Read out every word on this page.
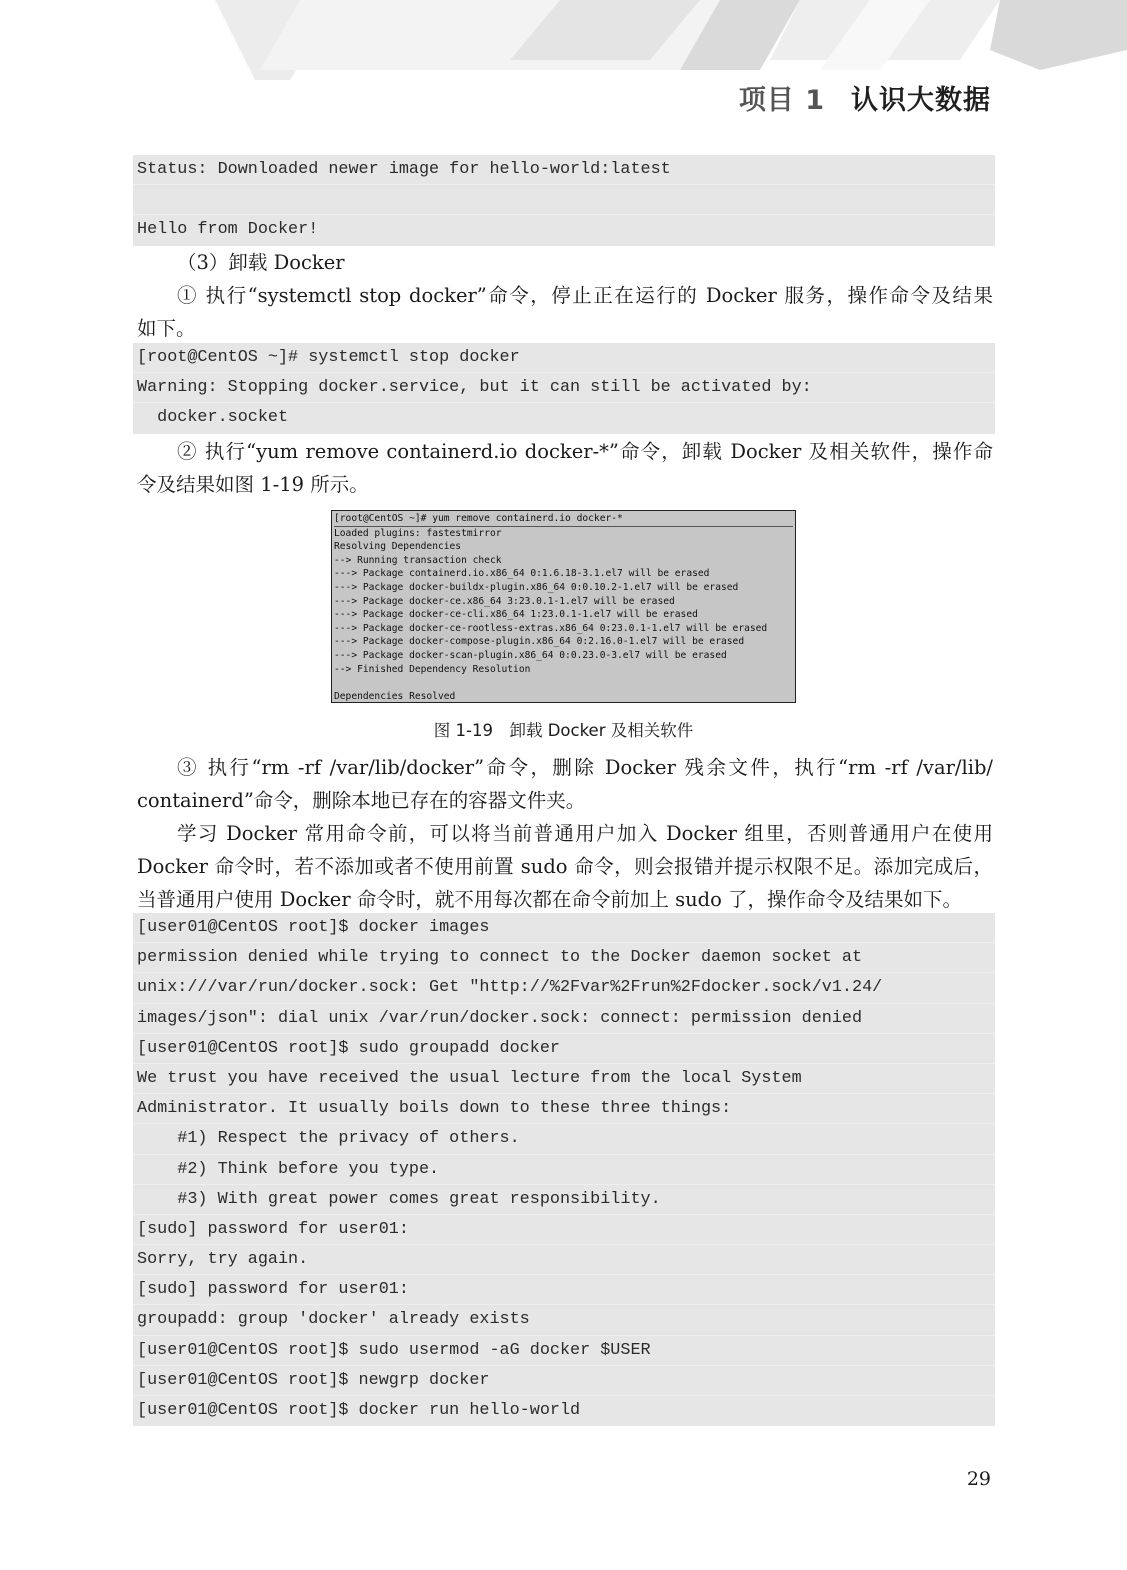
项目 1 认识大数据
Status: Downloaded newer image for hello-world:latest
Hello from Docker!
（3）卸载 Docker
① 执行“systemctl stop docker”命令，停止正在运行的 Docker 服务，操作命令及结果
如下。
[root@CentOS ~]# systemctl stop docker
Warning: Stopping docker.service, but it can still be activated by:
docker.socket
② 执行“yum remove containerd.io docker-*”命令，卸载 Docker 及相关软件，操作命
令及结果如图 1-19 所示。
[root@CentOS ~]# yum remove containerd.io docker-*
Loaded plugins: fastestmirror
Resolving Dependencies
--> Running transaction check
---> Package containerd.io.x86_64 0:1.6.18-3.1.el7 will be erased
---> Package docker-buildx-plugin.x86_64 0:0.10.2-1.el7 will be erased
---> Package docker-ce.x86_64 3:23.0.1-1.el7 will be erased
---> Package docker-ce-cli.x86_64 1:23.0.1-1.el7 will be erased
---> Package docker-ce-rootless-extras.x86_64 0:23.0.1-1.el7 will be erased
---> Package docker-compose-plugin.x86_64 0:2.16.0-1.el7 will be erased
---> Package docker-scan-plugin.x86_64 0:0.23.0-3.el7 will be erased
--> Finished Dependency Resolution
Dependencies Resolved
图 1-19　卸载 Docker 及相关软件
③ 执行“rm -rf /var/lib/docker”命令，删除 Docker 残余文件，执行“rm -rf /var/lib/
containerd”命令，删除本地已存在的容器文件夹。
学习 Docker 常用命令前，可以将当前普通用户加入 Docker 组里，否则普通用户在使用
Docker 命令时，若不添加或者不使用前置 sudo 命令，则会报错并提示权限不足。添加完成后，
当普通用户使用 Docker 命令时，就不用每次都在命令前加上 sudo 了，操作命令及结果如下。
[user01@CentOS root]$ docker images
permission denied while trying to connect to the Docker daemon socket at
unix:///var/run/docker.sock: Get "http://%2Fvar%2Frun%2Fdocker.sock/v1.24/
images/json": dial unix /var/run/docker.sock: connect: permission denied
[user01@CentOS root]$ sudo groupadd docker
We trust you have received the usual lecture from the local System
Administrator. It usually boils down to these three things:
#1) Respect the privacy of others.
#2) Think before you type.
#3) With great power comes great responsibility.
[sudo] password for user01:
Sorry, try again.
[sudo] password for user01:
groupadd: group 'docker' already exists
[user01@CentOS root]$ sudo usermod -aG docker $USER
[user01@CentOS root]$ newgrp docker
[user01@CentOS root]$ docker run hello-world
29
